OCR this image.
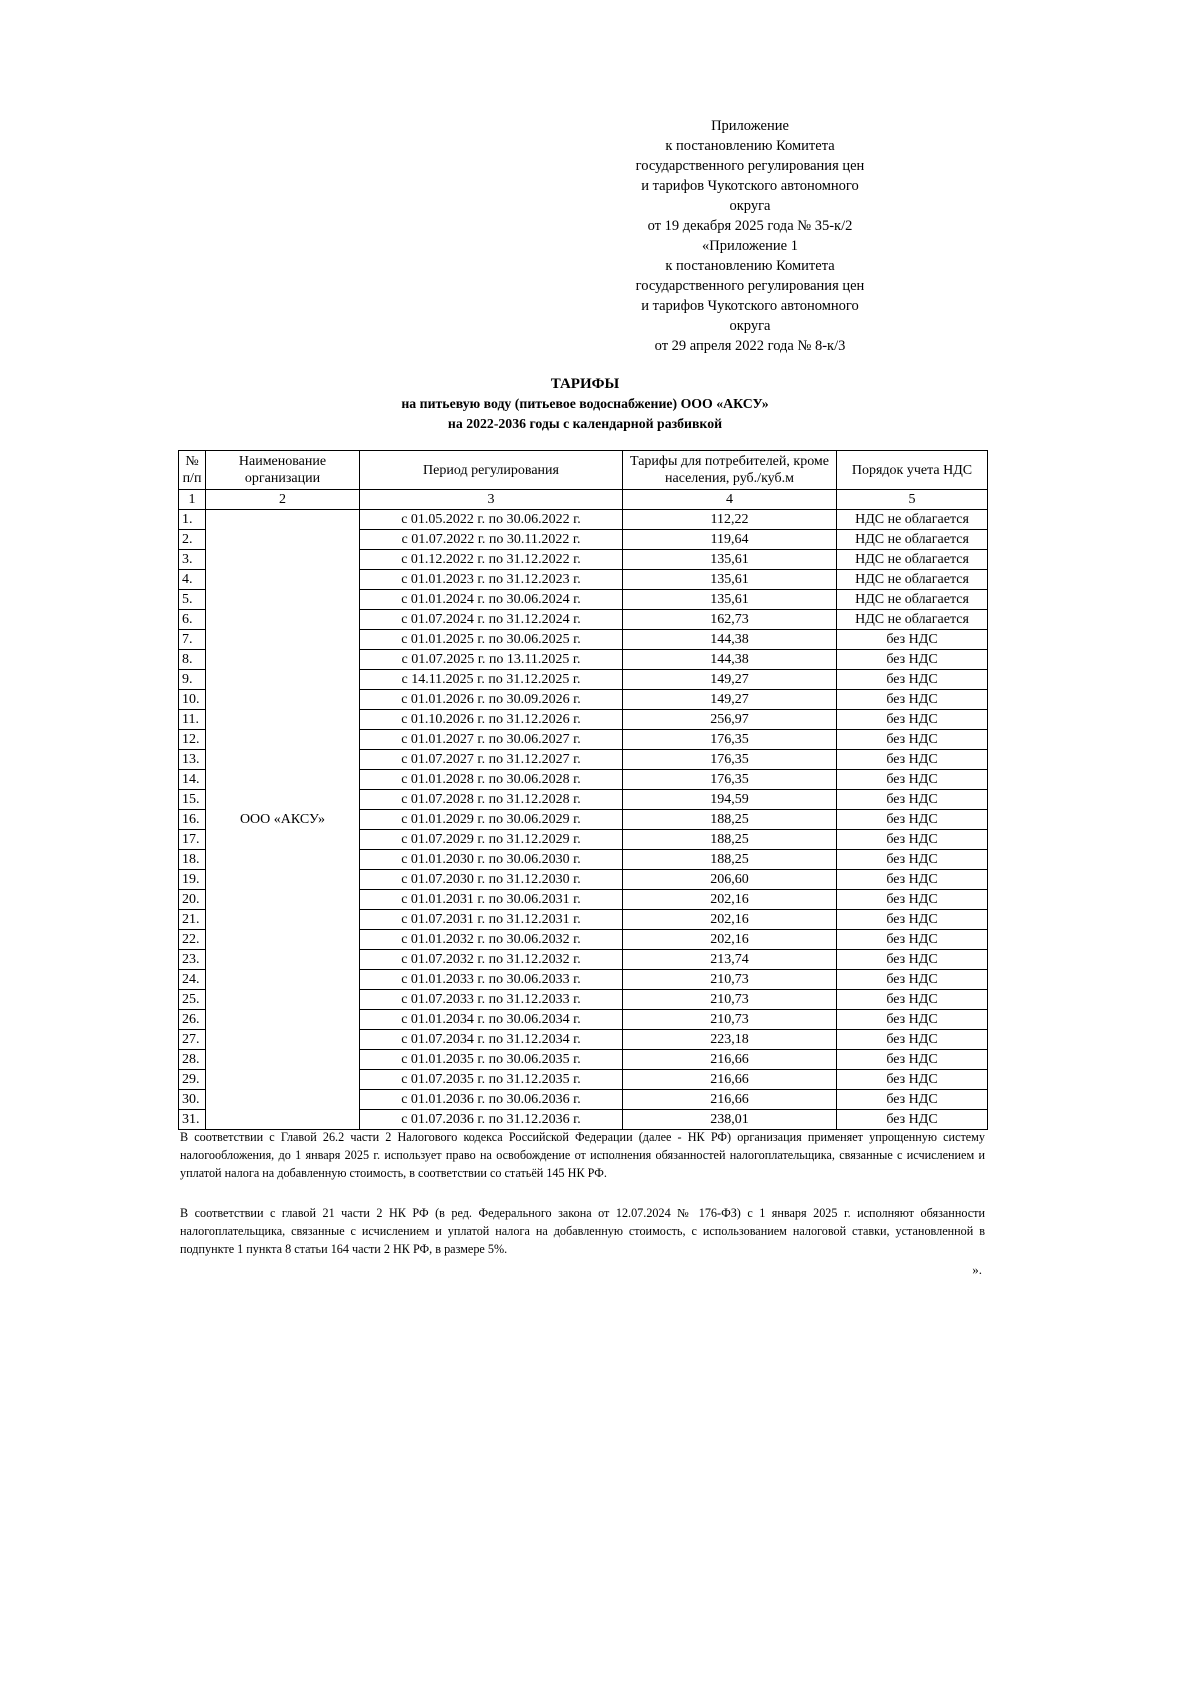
Приложение
к постановлению Комитета
государственного регулирования цен
и тарифов Чукотского автономного округа
от 19 декабря 2025 года № 35-к/2
«Приложение 1
к постановлению Комитета
государственного регулирования цен
и тарифов Чукотского автономного округа
от 29 апреля 2022 года № 8-к/3
ТАРИФЫ
на питьевую воду (питьевое водоснабжение) ООО «АКСУ»
на 2022-2036 годы с календарной разбивкой
№ п/п	Наименование организации	Период регулирования	Тарифы для потребителей, кроме населения, руб./куб.м	Порядок учета НДС
1	2	3	4	5
1.	ООО «АКСУ»	с 01.05.2022 г. по 30.06.2022 г.	112,22	НДС не облагается
2.		с 01.07.2022 г. по 30.11.2022 г.	119,64	НДС не облагается
3.		с 01.12.2022 г. по 31.12.2022 г.	135,61	НДС не облагается
4.		с 01.01.2023 г. по 31.12.2023 г.	135,61	НДС не облагается
5.		с 01.01.2024 г. по 30.06.2024 г.	135,61	НДС не облагается
6.		с 01.07.2024 г. по 31.12.2024 г.	162,73	НДС не облагается
7.		с 01.01.2025 г. по 30.06.2025 г.	144,38	без НДС
8.		с 01.07.2025 г. по 13.11.2025 г.	144,38	без НДС
9.		с 14.11.2025 г. по 31.12.2025 г.	149,27	без НДС
10.		с 01.01.2026 г. по 30.09.2026 г.	149,27	без НДС
11.		с 01.10.2026 г. по 31.12.2026 г.	256,97	без НДС
12.		с 01.01.2027 г. по 30.06.2027 г.	176,35	без НДС
13.		с 01.07.2027 г. по 31.12.2027 г.	176,35	без НДС
14.		с 01.01.2028 г. по 30.06.2028 г.	176,35	без НДС
15.		с 01.07.2028 г. по 31.12.2028 г.	194,59	без НДС
16.		с 01.01.2029 г. по 30.06.2029 г.	188,25	без НДС
17.		с 01.07.2029 г. по 31.12.2029 г.	188,25	без НДС
18.		с 01.01.2030 г. по 30.06.2030 г.	188,25	без НДС
19.		с 01.07.2030 г. по 31.12.2030 г.	206,60	без НДС
20.		с 01.01.2031 г. по 30.06.2031 г.	202,16	без НДС
21.		с 01.07.2031 г. по 31.12.2031 г.	202,16	без НДС
22.		с 01.01.2032 г. по 30.06.2032 г.	202,16	без НДС
23.		с 01.07.2032 г. по 31.12.2032 г.	213,74	без НДС
24.		с 01.01.2033 г. по 30.06.2033 г.	210,73	без НДС
25.		с 01.07.2033 г. по 31.12.2033 г.	210,73	без НДС
26.		с 01.01.2034 г. по 30.06.2034 г.	210,73	без НДС
27.		с 01.07.2034 г. по 31.12.2034 г.	223,18	без НДС
28.		с 01.01.2035 г. по 30.06.2035 г.	216,66	без НДС
29.		с 01.07.2035 г. по 31.12.2035 г.	216,66	без НДС
30.		с 01.01.2036 г. по 30.06.2036 г.	216,66	без НДС
31.		с 01.07.2036 г. по 31.12.2036 г.	238,01	без НДС
В соответствии с Главой 26.2 части 2 Налогового кодекса Российской Федерации (далее - НК РФ) организация применяет упрощенную систему налогообложения, до 1 января 2025 г. использует право на освобождение от исполнения обязанностей налогоплательщика, связанные с исчислением и уплатой налога на добавленную стоимость, в соответствии со статьёй 145 НК РФ.
В соответствии с главой 21 части 2 НК РФ (в ред. Федерального закона от 12.07.2024 № 176-ФЗ) с 1 января 2025 г. исполняют обязанности налогоплательщика, связанные с исчислением и уплатой налога на добавленную стоимость, с использованием налоговой ставки, установленной в подпункте 1 пункта 8 статьи 164 части 2 НК РФ, в размере 5%.
».
